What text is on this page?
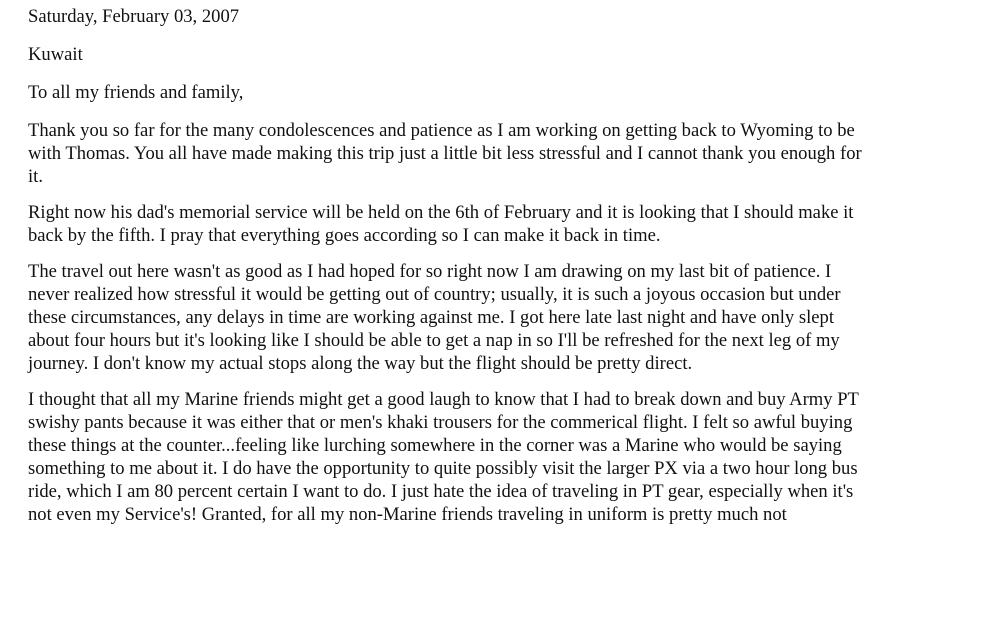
Saturday, February 03, 2007

Kuwait

To all my friends and family,

Thank you so far for the many condolescences and patience as I am working on getting back to Wyoming to be

with Thomas. You all have made making this trip just a little bit less stressful and I cannot thank you enough for

it.

Right now his dad's memorial service will be held on the 6th of February and it is looking that I should make it

back by the fifth. I pray that everything goes according so I can make it back in time.

The travel out here wasn't as good as I had hoped for so right now I am drawing on my last bit of patience. I

never realized how stressful it would be getting out of country; usually, it is such a joyous occasion but under

these circumstances, any delays in time are working against me. I got here late last night and have only slept

about four hours but it's looking like I should be able to get a nap in so I'll be refreshed for the next leg of my

journey. I don't know my actual stops along the way but the flight should be pretty direct.

I thought that all my Marine friends might get a good laugh to know that I had to break down and buy Army PT

swishy pants because it was either that or men's khaki trousers for the commerical flight. I felt so awful buying

these things at the counter...feeling like lurching somewhere in the corner was a Marine who would be saying

something to me about it. I do have the opportunity to quite possibly visit the larger PX via a two hour long bus

ride, which I am 80 percent certain I want to do. I just hate the idea of traveling in PT gear, especially when it's

not even my Service's! Granted, for all my non-Marine friends traveling in uniform is pretty much not
